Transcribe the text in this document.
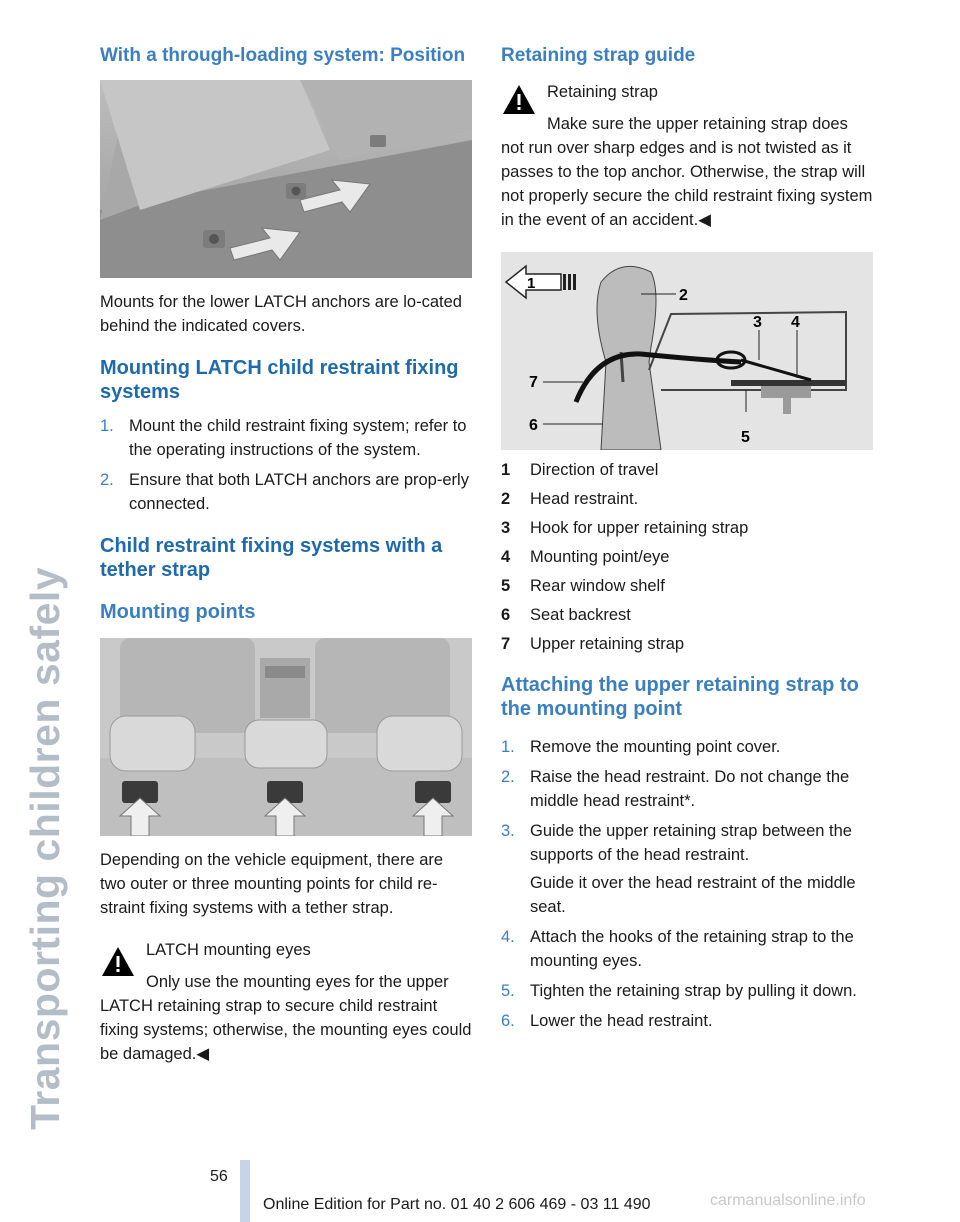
Transporting children safely
With a through-loading system: Position

Mounts for the lower LATCH anchors are lo-cated behind the indicated covers.

Mounting LATCH child restraint fixing systems
1. Mount the child restraint fixing system; refer to the operating instructions of the system.
2. Ensure that both LATCH anchors are prop-erly connected.
Child restraint fixing systems with a tether strap
Mounting points

Depending on the vehicle equipment, there are two outer or three mounting points for child re-straint fixing systems with a tether strap.

LATCH mounting eyes

Only use the mounting eyes for the upper LATCH retaining strap to secure child restraint fixing systems; otherwise, the mounting eyes could be damaged.◀

Retaining strap guide

Retaining strap

Make sure the upper retaining strap does not run over sharp edges and is not twisted as it passes to the top anchor. Otherwise, the strap will not properly secure the child restraint fixing system in the event of an accident.◀

1
2
3 4
5
7
6
1	Direction of travel
2	Head restraint.
3	Hook for upper retaining strap
4	Mounting point/eye
5	Rear window shelf
6	Seat backrest
7	Upper retaining strap
Attaching the upper retaining strap to the mounting point
1. Remove the mounting point cover.
2. Raise the head restraint. Do not change the middle head restraint*.
3. Guide the upper retaining strap between the supports of the head restraint.
Guide it over the head restraint of the middle seat.
4. Attach the hooks of the retaining strap to the mounting eyes.
5. Tighten the retaining strap by pulling it down.
6. Lower the head restraint.
56
Online Edition for Part no. 01 40 2 606 469 - 03 11 490	carmanualsonline.info
